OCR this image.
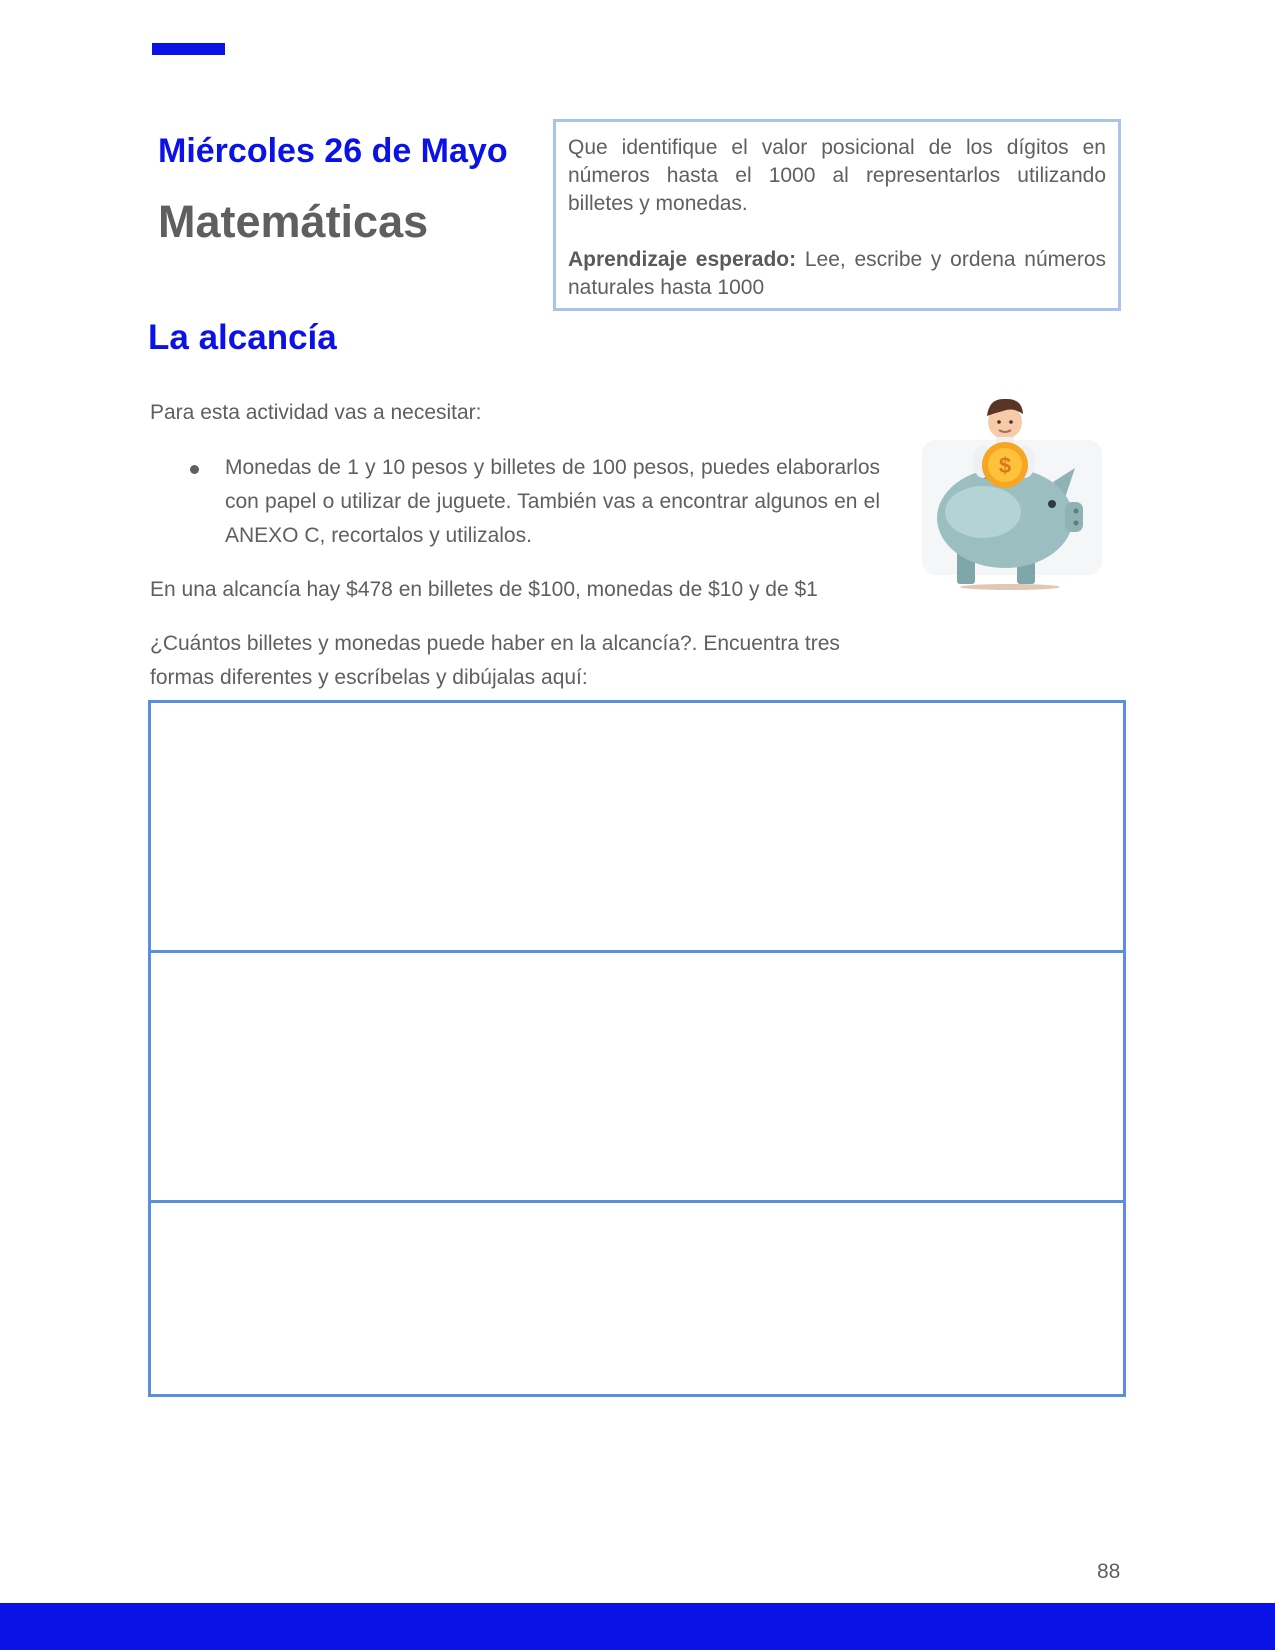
Miércoles 26 de Mayo
Matemáticas

Que identifique el valor posicional de los dígitos en números hasta el 1000 al representarlos utilizando billetes y monedas.

Aprendizaje esperado: Lee, escribe y ordena números naturales hasta 1000

La alcancía
Para esta actividad vas a necesitar:
Monedas de 1 y 10 pesos y billetes de 100 pesos, puedes elaborarlos con papel o utilizar de juguete. También vas a encontrar algunos en el ANEXO C, recortalos y utilizalos.
En una alcancía hay $478 en billetes de $100, monedas de $10 y de $1
¿Cuántos billetes y monedas puede haber en la alcancía?. Encuentra tres formas diferentes y escríbelas y dibújalas aquí:
$
88
